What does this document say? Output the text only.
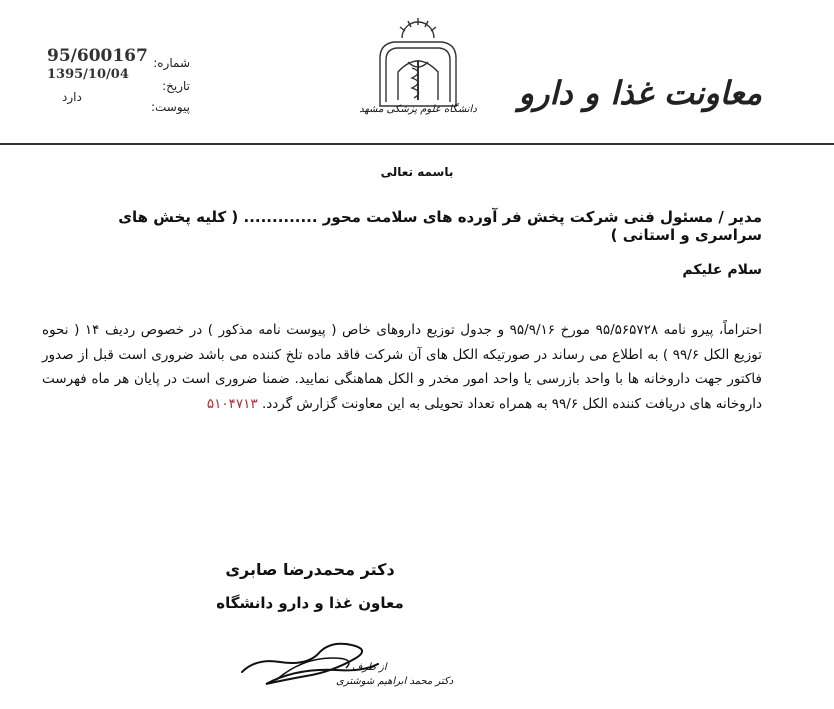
95/600167
1395/10/04
دارد
شماره:
تاریخ:
پیوست:	دانشگاه علوم پزشکی مشهد معاونت غذا و دارو
باسمه تعالی
مدیر / مسئول فنی شرکت پخش فر آورده های سلامت محور ............. ( کلیه پخش های سراسری و استانی )
سلام علیکم
احتراماً، پیرو نامه ۹۵/۵۶۵۷۲۸ مورخ ۹۵/۹/۱۶ و جدول توزیع داروهای خاص ( پیوست نامه مذکور ) در خصوص ردیف ۱۴ ( نحوه توزیع الکل ۹۹/۶ ) به اطلاع می رساند در صورتیکه الکل های آن شرکت فاقد ماده تلخ کننده می باشد ضروری است قبل از صدور فاکتور جهت داروخانه ها با واحد بازرسی یا واحد امور مخدر و الکل هماهنگی نمایید. ضمنا ضروری است در پایان هر ماه فهرست داروخانه های دریافت کننده الکل ۹۹/۶ به همراه تعداد تحویلی به این معاونت گزارش گردد. ۵۱۰۴۷۱۳
دکتر محمدرضا صابری
معاون غذا و دارو دانشگاه
از طرف
دکتر محمد ابراهیم شوشتری
